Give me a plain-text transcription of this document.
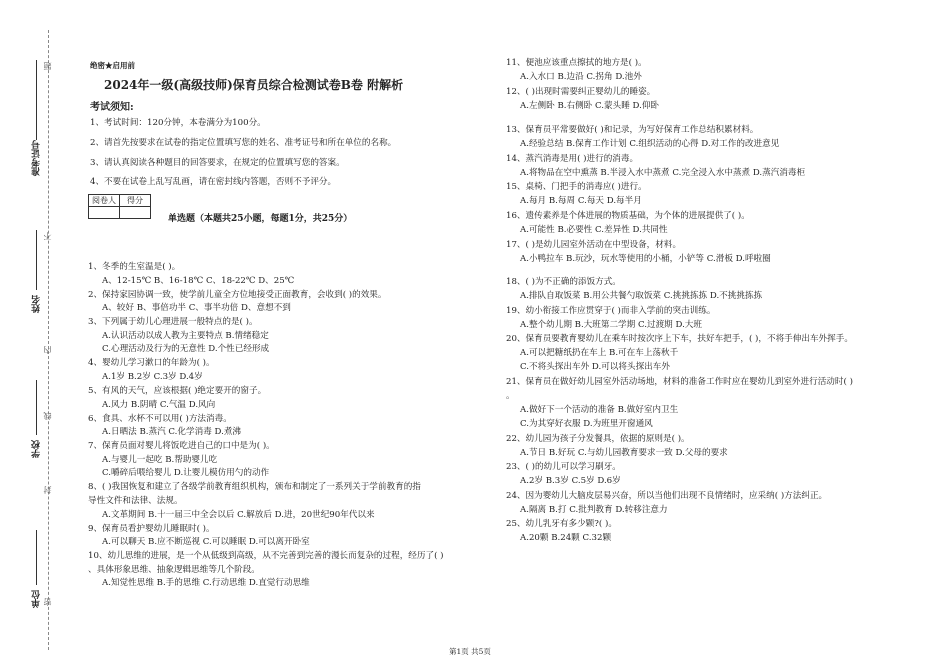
准考证号
姓名
学校
单位
题
不
内
线
封
密
绝密★启用前
2024年一级(高级技师)保育员综合检测试卷B卷 附解析
考试须知:
1、考试时间：120分钟，本卷满分为100分。
2、请首先按要求在试卷的指定位置填写您的姓名、准考证号和所在单位的名称。
3、请认真阅读各种题目的回答要求，在规定的位置填写您的答案。
4、不要在试卷上乱写乱画，请在密封线内答题，否则不予评分。
阅卷人	得分

单选题（本题共25小题，每题1分，共25分）
1、冬季的生室温是( )。
A、12-15℃ B、16-18℃ C、18-22℃ D、25℃
2、保持家园协调一致，使学前儿童全方位地接受正面教育，会收到( )的效果。
A、较好 B、事倍功半 C、事半功倍 D、意想不到
3、下列属于幼儿心理进展一般特点的是( )。
A.认识活动以成人教为主要特点 B.情绪稳定
C.心理活动及行为的无意性 D.个性已经形成
4、婴幼儿学习漱口的年龄为( )。
A.1岁 B.2岁 C.3岁 D.4岁
5、有风的天气，应该根据( )绝定要开的窗子。
A.风力 B.阴晴 C.气温 D.风向
6、食具、水杯不可以用( )方法消毒。
A.日晒法 B.蒸汽 C.化学消毒 D.煮沸
7、保育员面对婴儿将饭吃进自己的口中是为( )。
A.与婴儿一起吃 B.帮助婴儿吃
C.嚼碎后喂给婴儿 D.让婴儿模仿用勺的动作
8、( )我国恢复和建立了各级学前教育组织机构，颁布和制定了一系列关于学前教育的指
导性文件和法律、法规。
A.文革期间 B.十一届三中全会以后 C.解放后 D.进，20世纪90年代以来
9、保育员看护婴幼儿睡眠时( )。
A.可以聊天 B.应不断巡视 C.可以睡眠 D.可以离开卧室
10、幼儿思维的进展，是一个从低级到高级，从不完善到完善的漫长而复杂的过程，经历了( )
、具体形象思维、抽象逻辑思维等几个阶段。
A.知觉性思维 B.手的思维 C.行动思维 D.直觉行动思维
11、便池应该重点擦拭的地方是( )。
A.入水口 B.边沿 C.拐角 D.池外
12、( )出现时需要纠正婴幼儿的睡姿。
A.左侧卧 B.右侧卧 C.蒙头睡 D.仰卧
13、保育员平常要做好( )和记录，为写好保育工作总结积累材料。
A.经验总结 B.保育工作计划 C.组织活动的心得 D.对工作的改进意见
14、蒸汽消毒是用( )进行的消毒。
A.将物品在空中熏蒸 B.半浸入水中蒸煮 C.完全浸入水中蒸煮 D.蒸汽消毒柜
15、桌椅、门把手的消毒应( )进行。
A.每月 B.每周 C.每天 D.每半月
16、遗传素养是个体进展的物质基础，为个体的进展提供了( )。
A.可能性 B.必要性 C.差异性 D.共同性
17、( )是幼儿园室外活动在中型设备，材料。
A.小鸭拉车 B.玩沙，玩水等使用的小桶，小铲等 C.滑板 D.呼啦圈
18、( )为不正确的添饭方式。
A.排队自取饭菜 B.用公共餐勺取饭菜 C.挑挑拣拣 D.不挑挑拣拣
19、幼小衔接工作应贯穿于( )而非入学前的突击训练。
A.整个幼儿期 B.大班第二学期 C.过渡期 D.大班
20、保育员要教育婴幼儿在乘车时按次序上下车，扶好车把手，( )，不将手伸出车外挥手。
A.可以把糖纸扔在车上 B.可在车上荡秋千
C.不将头探出车外 D.可以将头探出车外
21、保育员在做好幼儿园室外活动场地，材料的准备工作时应在婴幼儿到室外进行活动时( )
。
A.做好下一个活动的准备 B.做好室内卫生
C.为其穿好衣服 D.为班里开窗通风
22、幼儿园为孩子分发餐具，依据的原则是( )。
A.节日 B.好玩 C.与幼儿园教育要求一致 D.父母的要求
23、( )的幼儿可以学习刷牙。
A.2岁 B.3岁 C.5岁 D.6岁
24、因为婴幼儿大脑皮层易兴奋，所以当他们出现不良情绪时，应采纳( )方法纠正。
A.隔离 B.打 C.批判教育 D.转移注意力
25、幼儿乳牙有多少颗?( )。
A.20颗 B.24颗 C.32颗
第1页 共5页
